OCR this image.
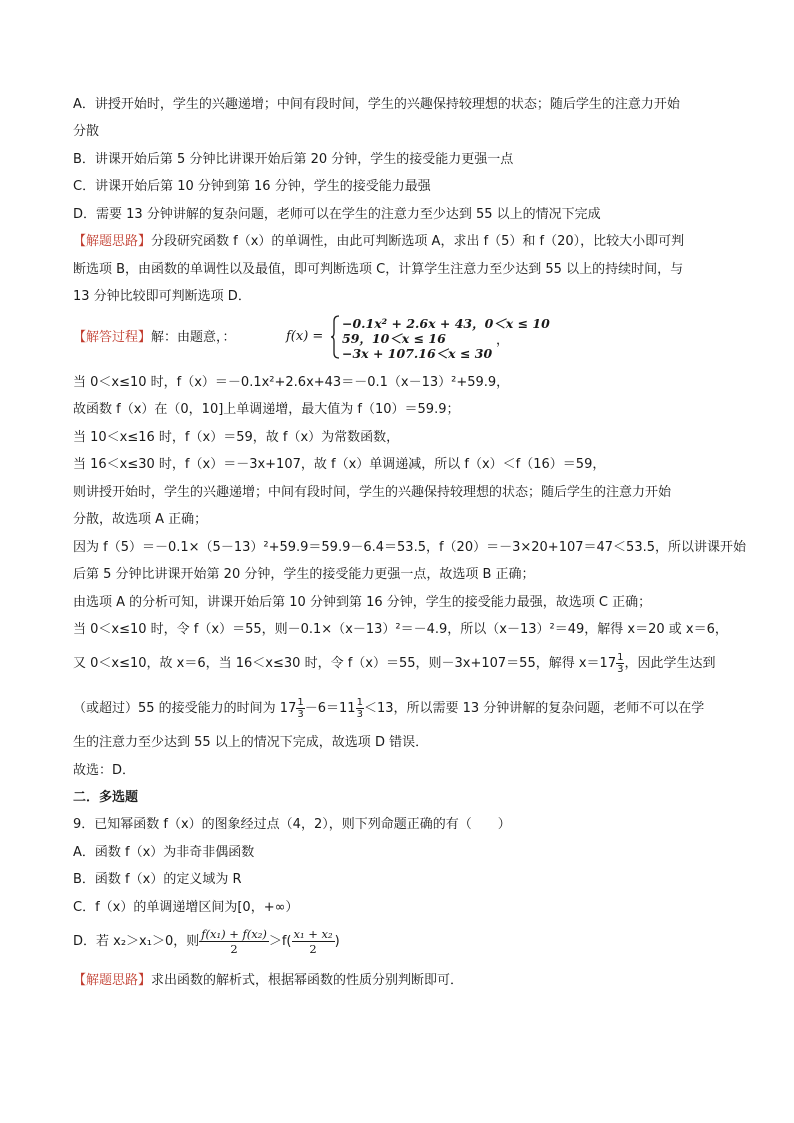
A．讲授开始时，学生的兴趣递增；中间有段时间，学生的兴趣保持较理想的状态；随后学生的注意力开始
分散
B．讲课开始后第 5 分钟比讲课开始后第 20 分钟，学生的接受能力更强一点
C．讲课开始后第 10 分钟到第 16 分钟，学生的接受能力最强
D．需要 13 分钟讲解的复杂问题，老师可以在学生的注意力至少达到 55 以上的情况下完成
【解题思路】分段研究函数 f（x）的单调性，由此可判断选项 A，求出 f（5）和 f（20），比较大小即可判
断选项 B，由函数的单调性以及最值，即可判断选项 C，计算学生注意力至少达到 55 以上的持续时间，与
13 分钟比较即可判断选项 D．
【解答过程】解：由题意，：	f(x) =
−0.1x² + 2.6x + 43，0＜x ≤ 10
59，10＜x ≤ 16
−3x + 107.16＜x ≤ 30
，
当 0＜x≤10 时，f（x）＝－0.1x²+2.6x+43＝－0.1（x－13）²+59.9，
故函数 f（x）在（0，10]上单调递增，最大值为 f（10）＝59.9；
当 10＜x≤16 时，f（x）＝59，故 f（x）为常数函数，
当 16＜x≤30 时，f（x）＝－3x+107，故 f（x）单调递减，所以 f（x）＜f（16）＝59，
则讲授开始时，学生的兴趣递增；中间有段时间，学生的兴趣保持较理想的状态；随后学生的注意力开始
分散，故选项 A 正确；
因为 f（5）＝－0.1×（5－13）²+59.9＝59.9－6.4＝53.5，f（20）＝－3×20+107＝47＜53.5，所以讲课开始
后第 5 分钟比讲课开始第 20 分钟，学生的接受能力更强一点，故选项 B 正确；
由选项 A 的分析可知，讲课开始后第 10 分钟到第 16 分钟，学生的接受能力最强，故选项 C 正确；
当 0＜x≤10 时，令 f（x）＝55，则－0.1×（x－13）²＝－4.9，所以（x－13）²＝49，解得 x＝20 或 x＝6，
又 0＜x≤10，故 x＝6，当 16＜x≤30 时，令 f（x）＝55，则－3x+107＝55，解得 $x=17 \frac{1}{3}$ ，因此学生达到
（或超过）55 的接受能力的时间为 $17 \frac{1}{3} -6=11 \frac{1}{3} <13$，所以需要 13 分钟讲解的复杂问题，老师不可以在学
生的注意力至少达到 55 以上的情况下完成，故选项 D 错误．
故选：D．
二．多选题
9．已知幂函数 f（x）的图象经过点（4，2），则下列命题正确的有（　　）
A．函数 f（x）为非奇非偶函数
B．函数 f（x）的定义域为 R
C．f（x）的单调递增区间为[0，+∞）
D．若 x₂＞x₁＞0，则 $\frac{\text{f(x₁) + f(x₂)}}{2} >f( \frac{\text{x₁ + x₂}}{2}$ )
【解题思路】求出函数的解析式，根据幂函数的性质分别判断即可．
